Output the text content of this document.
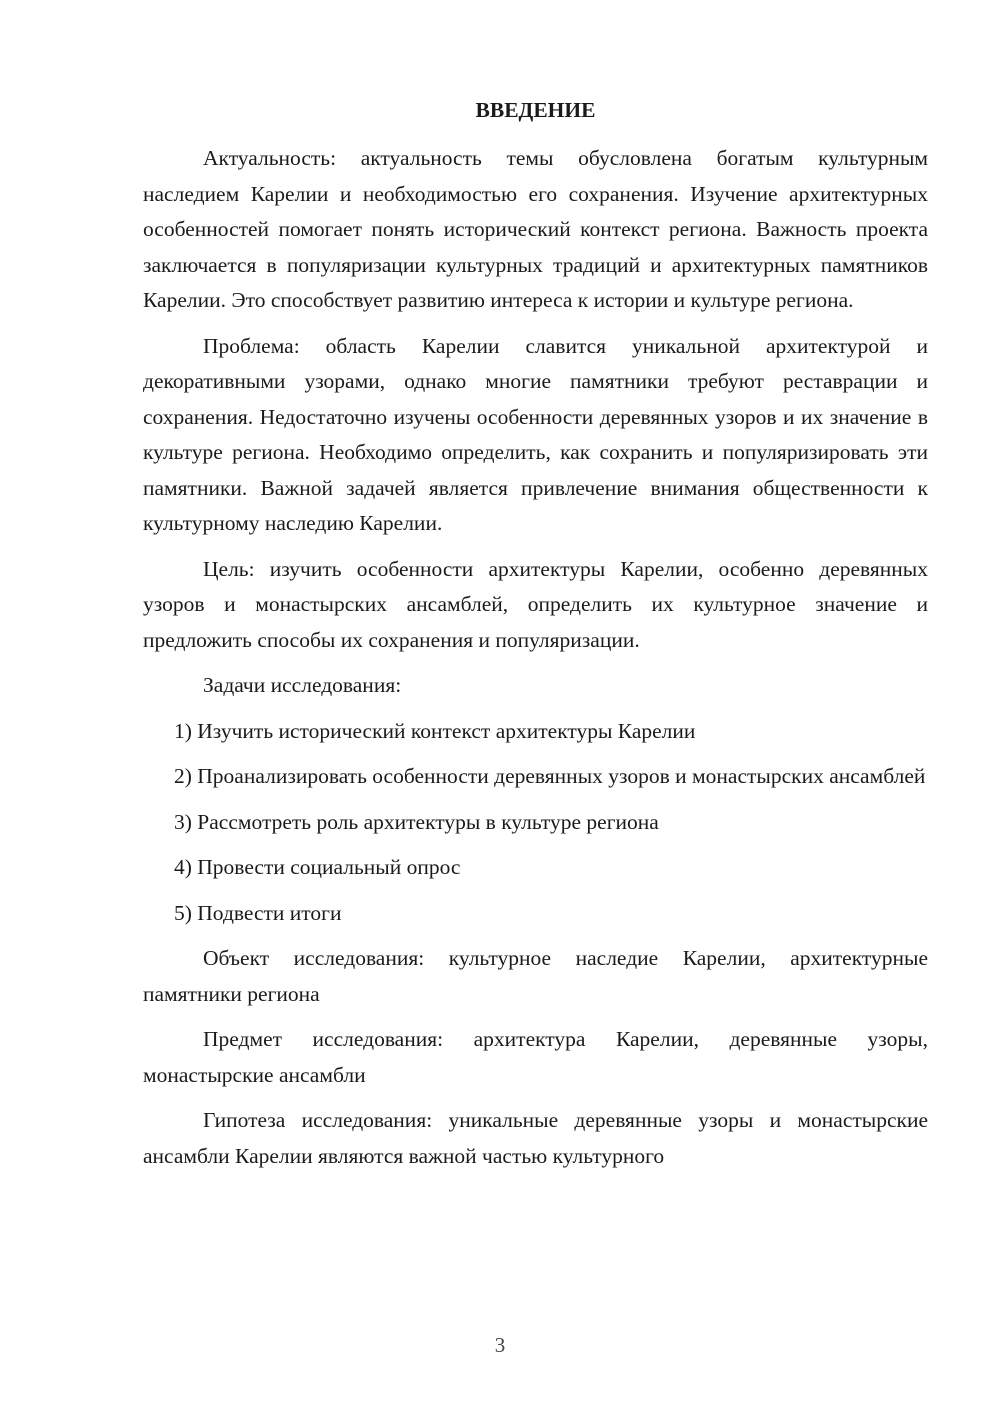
ВВЕДЕНИЕ

Актуальность: актуальность темы обусловлена богатым культурным наследием Карелии и необходимостью его сохранения. Изучение архитектурных особенностей помогает понять исторический контекст региона. Важность проекта заключается в популяризации культурных традиций и архитектурных памятников Карелии. Это способствует развитию интереса к истории и культуре региона.

Проблема: область Карелии славится уникальной архитектурой и декоративными узорами, однако многие памятники требуют реставрации и сохранения. Недостаточно изучены особенности деревянных узоров и их значение в культуре региона. Необходимо определить, как сохранить и популяризировать эти памятники. Важной задачей является привлечение внимания общественности к культурному наследию Карелии.

Цель: изучить особенности архитектуры Карелии, особенно деревянных узоров и монастырских ансамблей, определить их культурное значение и предложить способы их сохранения и популяризации.

Задачи исследования:

1) Изучить исторический контекст архитектуры Карелии

2) Проанализировать особенности деревянных узоров и монастырских ансамблей

3) Рассмотреть роль архитектуры в культуре региона

4) Провести социальный опрос

5) Подвести итоги

Объект исследования: культурное наследие Карелии, архитектурные памятники региона

Предмет исследования: архитектура Карелии, деревянные узоры, монастырские ансамбли

Гипотеза исследования: уникальные деревянные узоры и монастырские ансамбли Карелии являются важной частью культурного

3
